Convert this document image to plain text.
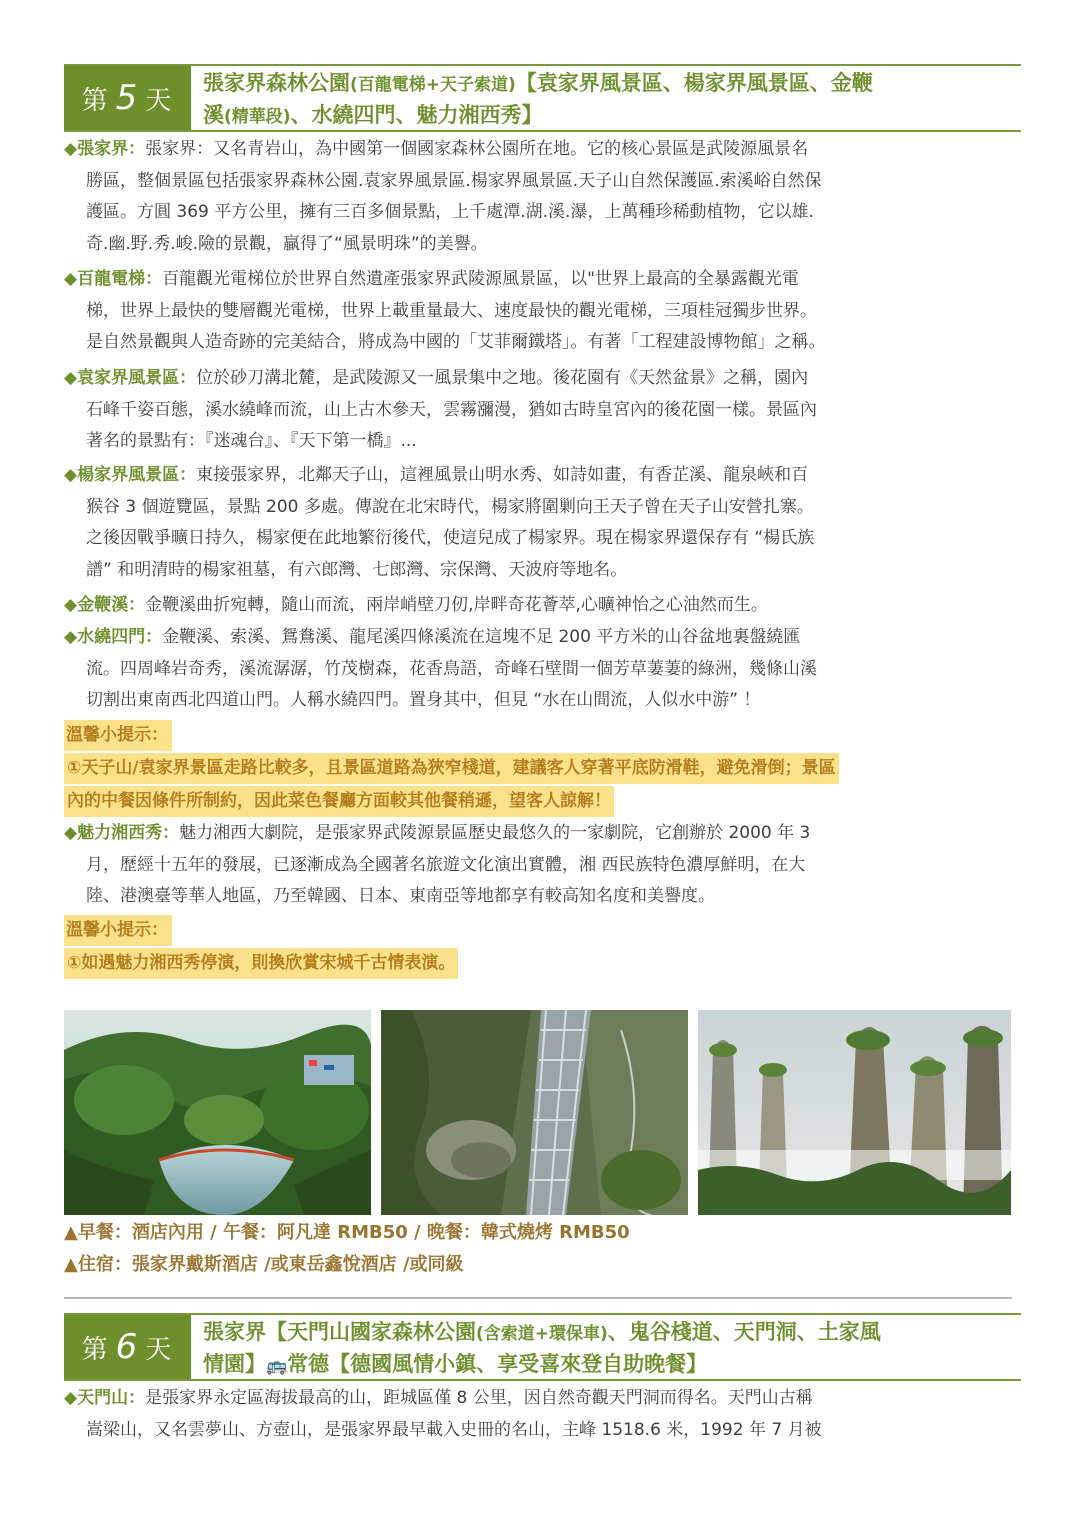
第 5 天
張家界森林公園(百龍電梯+天子索道)【袁家界風景區、楊家界風景區、金鞭
溪(精華段)、水繞四門、魅力湘西秀】
◆張家界：張家界：又名青岩山，為中國第一個國家森林公園所在地。它的核心景區是武陵源風景名
勝區，整個景區包括張家界森林公園.袁家界風景區.楊家界風景區.天子山自然保護區.索溪峪自然保
護區。方圓 369 平方公里，擁有三百多個景點，上千處潭.湖.溪.瀑，上萬種珍稀動植物，它以雄.
奇.幽.野.秀.峻.險的景觀，贏得了“風景明珠”的美譽。
◆百龍電梯：百龍觀光電梯位於世界自然遺產張家界武陵源風景區，以"世界上最高的全暴露觀光電
梯，世界上最快的雙層觀光電梯，世界上載重量最大、速度最快的觀光電梯，三項桂冠獨步世界。
是自然景觀與人造奇跡的完美結合，將成為中國的「艾菲爾鐵塔」。有著「工程建設博物館」之稱。
◆袁家界風景區：位於砂刀溝北麓，是武陵源又一風景集中之地。後花園有《天然盆景》之稱，園內
石峰千姿百態，溪水繞峰而流，山上古木參天，雲霧瀰漫，猶如古時皇宮內的後花園一樣。景區內
著名的景點有：『迷魂台』、『天下第一橋』...
◆楊家界風景區：東接張家界，北鄰天子山，這裡風景山明水秀、如詩如畫，有香芷溪、龍泉峽和百
猴谷 3 個遊覽區，景點 200 多處。傳說在北宋時代，楊家將圍剿向王天子曾在天子山安營扎寨。
之後因戰爭曠日持久，楊家便在此地繁衍後代，使這兒成了楊家界。現在楊家界還保存有 “楊氏族
譜” 和明清時的楊家祖墓，有六郎灣、七郎灣、宗保灣、天波府等地名。
◆金鞭溪：金鞭溪曲折宛轉，隨山而流，兩岸峭壁刀仞,岸畔奇花薈萃,心曠神怡之心油然而生。
◆水繞四門：金鞭溪、索溪、鴛鴦溪、龍尾溪四條溪流在這塊不足 200 平方米的山谷盆地裏盤繞匯
流。四周峰岩奇秀，溪流潺潺，竹茂樹森，花香鳥語，奇峰石壁間一個芳草萋萋的綠洲，幾條山溪
切割出東南西北四道山門。人稱水繞四門。置身其中，但見 “水在山間流，人似水中游” ！
溫馨小提示：
①天子山/袁家界景區走路比較多，且景區道路為狹窄棧道，建議客人穿著平底防滑鞋，避免滑倒；景區
內的中餐因條件所制約，因此菜色餐廳方面較其他餐稍遜，望客人諒解！
◆魅力湘西秀：魅力湘西大劇院，是張家界武陵源景區歷史最悠久的一家劇院，它創辦於 2000 年 3
月，歷經十五年的發展，已逐漸成為全國著名旅遊文化演出實體，湘 西民族特色濃厚鮮明，在大
陸、港澳臺等華人地區，乃至韓國、日本、東南亞等地都享有較高知名度和美譽度。
溫馨小提示：
①如遇魅力湘西秀停演，則換欣賞宋城千古情表演。
▲早餐：酒店內用 / 午餐：阿凡達 RMB50 / 晚餐：韓式燒烤 RMB50
▲住宿：張家界戴斯酒店 /或東岳鑫悅酒店 /或同級
第 6 天
張家界【天門山國家森林公園(含索道+環保車)、鬼谷棧道、天門洞、土家風
情園】🚌常德【德國風情小鎮、享受喜來登自助晚餐】
◆天門山：是張家界永定區海拔最高的山，距城區僅 8 公里，因自然奇觀天門洞而得名。天門山古稱
嵩梁山，又名雲夢山、方壺山，是張家界最早載入史冊的名山，主峰 1518.6 米，1992 年 7 月被
